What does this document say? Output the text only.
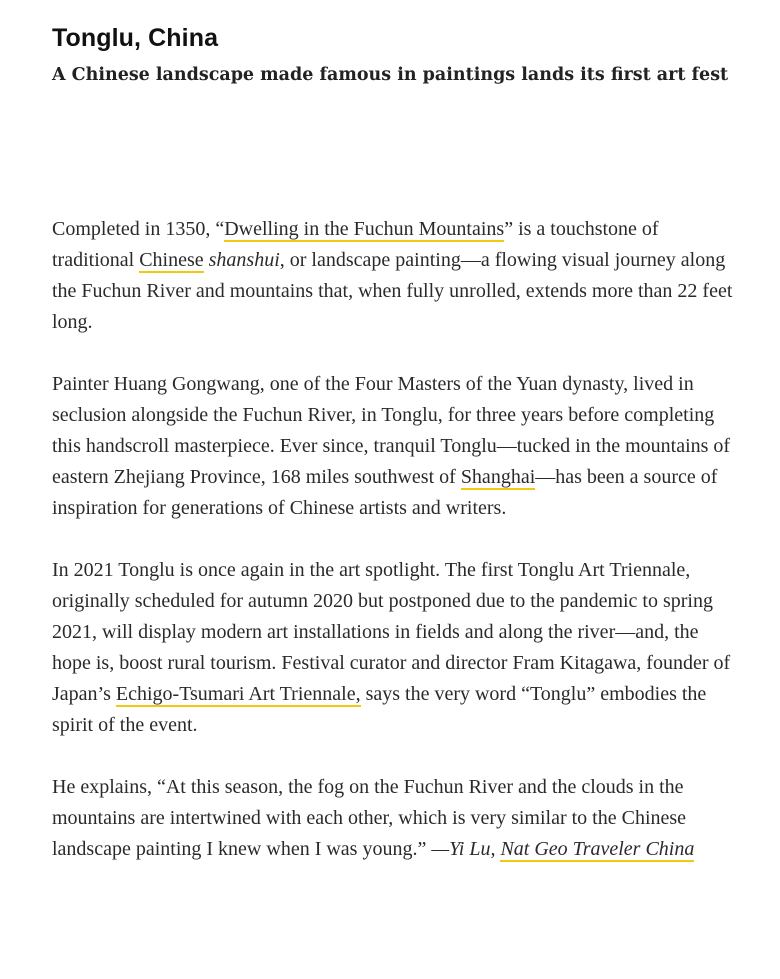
Tonglu, China
A Chinese landscape made famous in paintings lands its first art fest

Completed in 1350, “Dwelling in the Fuchun Mountains” is a touchstone of traditional Chinese shanshui, or landscape painting—a flowing visual journey along the Fuchun River and mountains that, when fully unrolled, extends more than 22 feet long.

Painter Huang Gongwang, one of the Four Masters of the Yuan dynasty, lived in seclusion alongside the Fuchun River, in Tonglu, for three years before completing this handscroll masterpiece. Ever since, tranquil Tonglu—tucked in the mountains of eastern Zhejiang Province, 168 miles southwest of Shanghai—has been a source of inspiration for generations of Chinese artists and writers.

In 2021 Tonglu is once again in the art spotlight. The first Tonglu Art Triennale, originally scheduled for autumn 2020 but postponed due to the pandemic to spring 2021, will display modern art installations in fields and along the river—and, the hope is, boost rural tourism. Festival curator and director Fram Kitagawa, founder of Japan’s Echigo-Tsumari Art Triennale, says the very word “Tonglu” embodies the spirit of the event.

He explains, “At this season, the fog on the Fuchun River and the clouds in the mountains are intertwined with each other, which is very similar to the Chinese landscape painting I knew when I was young.” —Yi Lu, Nat Geo Traveler China
